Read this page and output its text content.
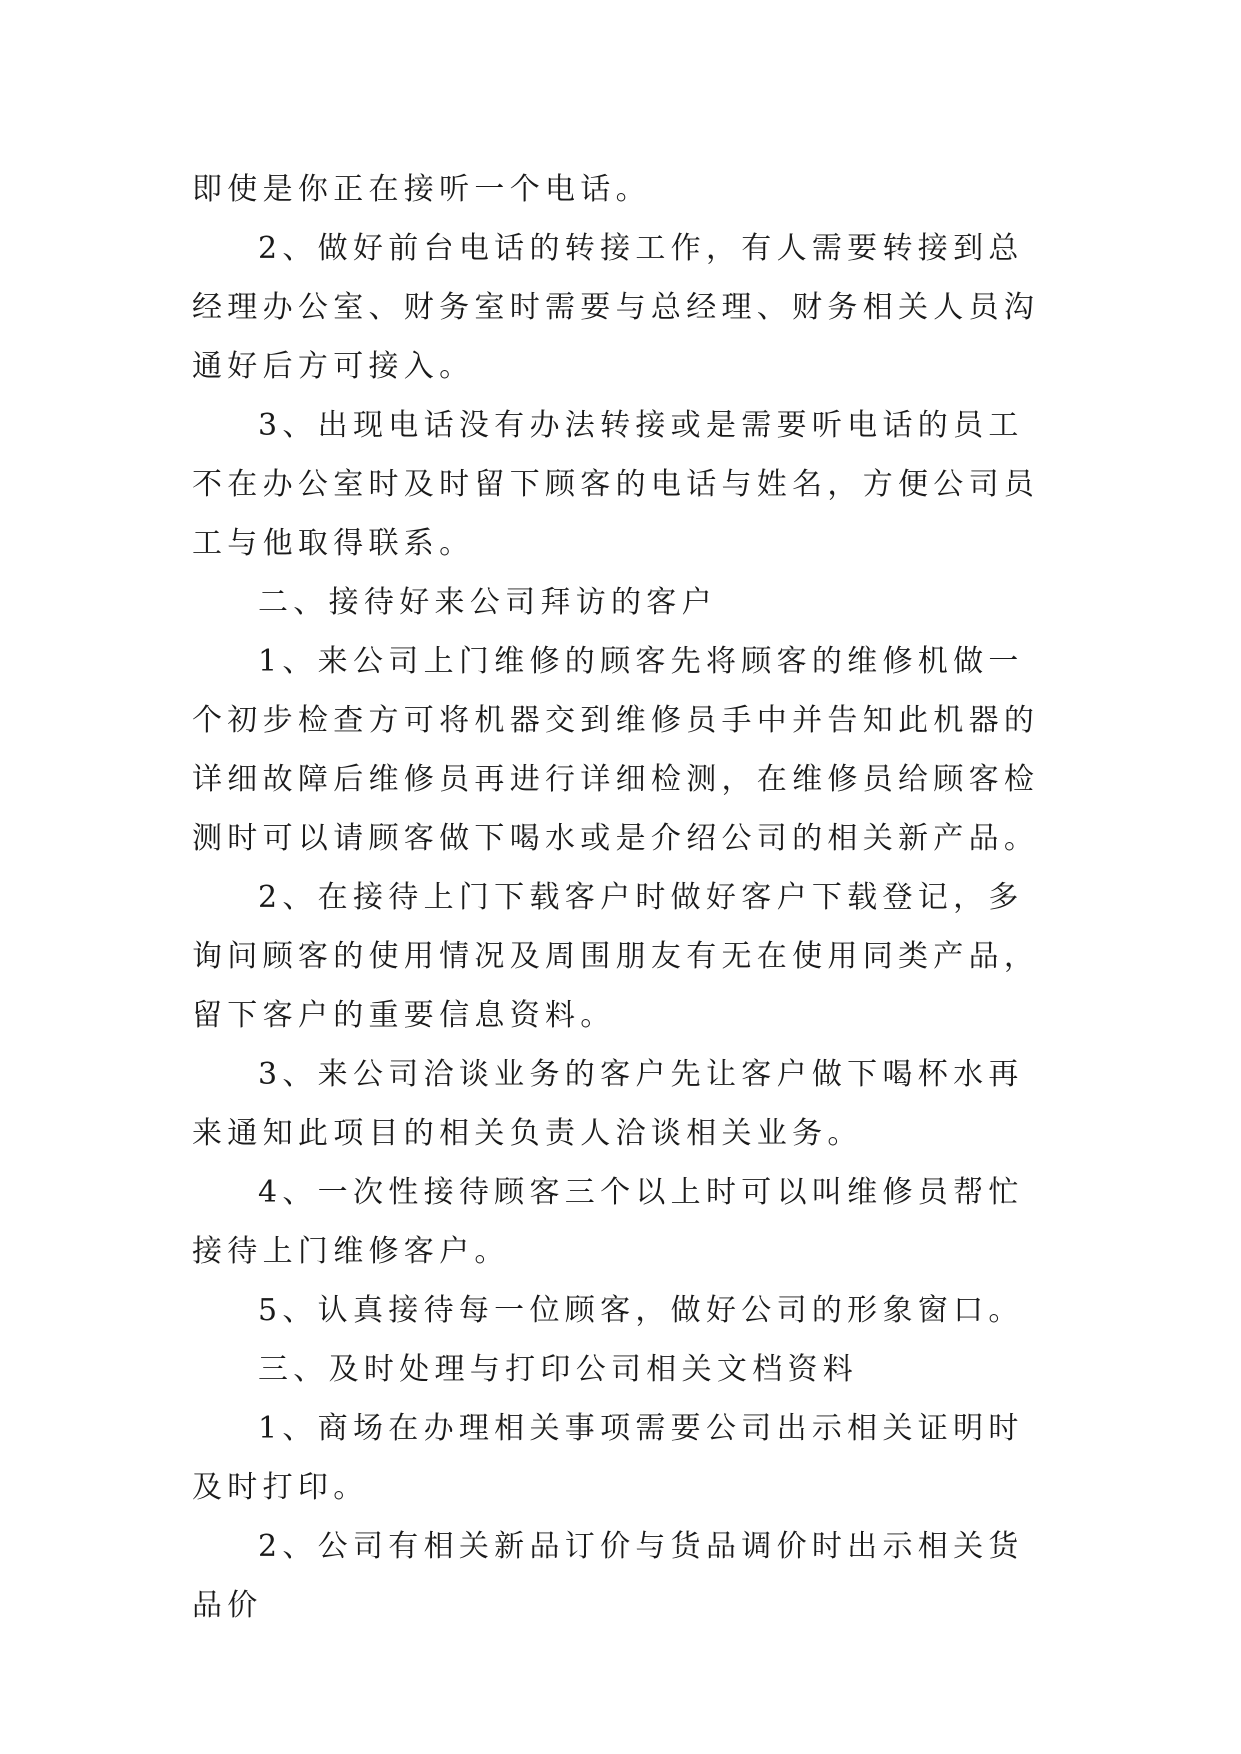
即使是你正在接听一个电话。

2、做好前台电话的转接工作，有人需要转接到总经理办公室、财务室时需要与总经理、财务相关人员沟通好后方可接入。

3、出现电话没有办法转接或是需要听电话的员工不在办公室时及时留下顾客的电话与姓名，方便公司员工与他取得联系。

二、接待好来公司拜访的客户

1、来公司上门维修的顾客先将顾客的维修机做一个初步检查方可将机器交到维修员手中并告知此机器的详细故障后维修员再进行详细检测，在维修员给顾客检测时可以请顾客做下喝水或是介绍公司的相关新产品。

2、在接待上门下载客户时做好客户下载登记，多询问顾客的使用情况及周围朋友有无在使用同类产品，留下客户的重要信息资料。

3、来公司洽谈业务的客户先让客户做下喝杯水再来通知此项目的相关负责人洽谈相关业务。

4、一次性接待顾客三个以上时可以叫维修员帮忙接待上门维修客户。

5、认真接待每一位顾客，做好公司的形象窗口。

三、及时处理与打印公司相关文档资料

1、商场在办理相关事项需要公司出示相关证明时及时打印。

2、公司有相关新品订价与货品调价时出示相关货品价
